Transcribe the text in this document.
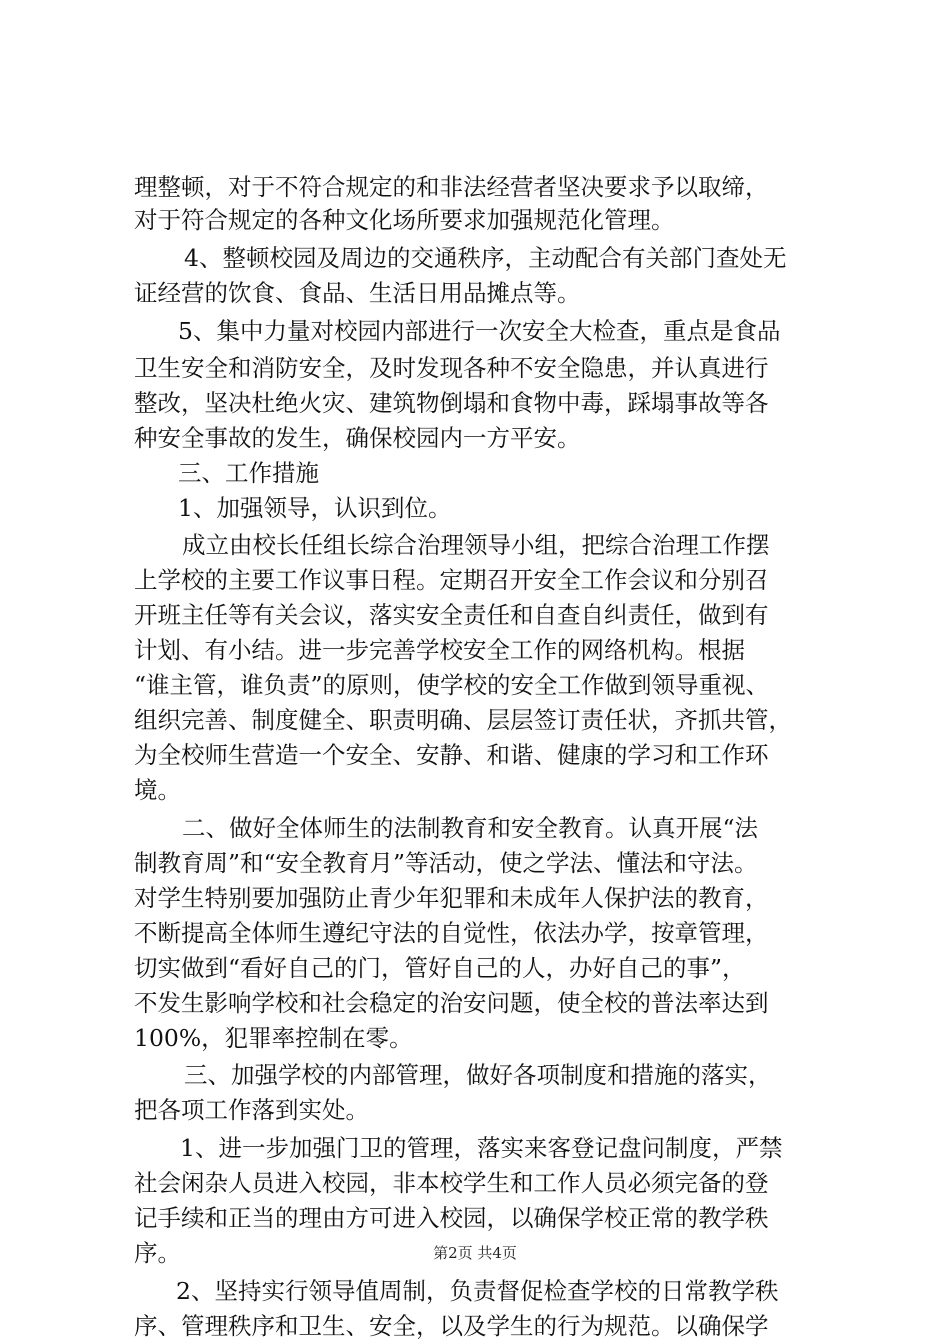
理整顿，对于不符合规定的和非法经营者坚决要求予以取缔，
对于符合规定的各种文化场所要求加强规范化管理。
4、整顿校园及周边的交通秩序，主动配合有关部门查处无
证经营的饮食、食品、生活日用品摊点等。
5、集中力量对校园内部进行一次安全大检查，重点是食品
卫生安全和消防安全，及时发现各种不安全隐患，并认真进行
整改，坚决杜绝火灾、建筑物倒塌和食物中毒，踩塌事故等各
种安全事故的发生，确保校园内一方平安。
三、工作措施
1、加强领导，认识到位。
成立由校长任组长综合治理领导小组，把综合治理工作摆
上学校的主要工作议事日程。定期召开安全工作会议和分别召
开班主任等有关会议，落实安全责任和自查自纠责任，做到有
计划、有小结。进一步完善学校安全工作的网络机构。根据
“谁主管，谁负责”的原则，使学校的安全工作做到领导重视、
组织完善、制度健全、职责明确、层层签订责任状，齐抓共管，
为全校师生营造一个安全、安静、和谐、健康的学习和工作环
境。
二、做好全体师生的法制教育和安全教育。认真开展“法
制教育周”和“安全教育月”等活动，使之学法、懂法和守法。
对学生特别要加强防止青少年犯罪和未成年人保护法的教育，
不断提高全体师生遵纪守法的自觉性，依法办学，按章管理，
切实做到“看好自己的门，管好自己的人，办好自己的事”，
不发生影响学校和社会稳定的治安问题，使全校的普法率达到
100%，犯罪率控制在零。
三、加强学校的内部管理，做好各项制度和措施的落实，
把各项工作落到实处。
1、进一步加强门卫的管理，落实来客登记盘问制度，严禁
社会闲杂人员进入校园，非本校学生和工作人员必须完备的登
记手续和正当的理由方可进入校园，以确保学校正常的教学秩
序。
2、坚持实行领导值周制，负责督促检查学校的日常教学秩
序、管理秩序和卫生、安全，以及学生的行为规范。以确保学
第2页 共4页
